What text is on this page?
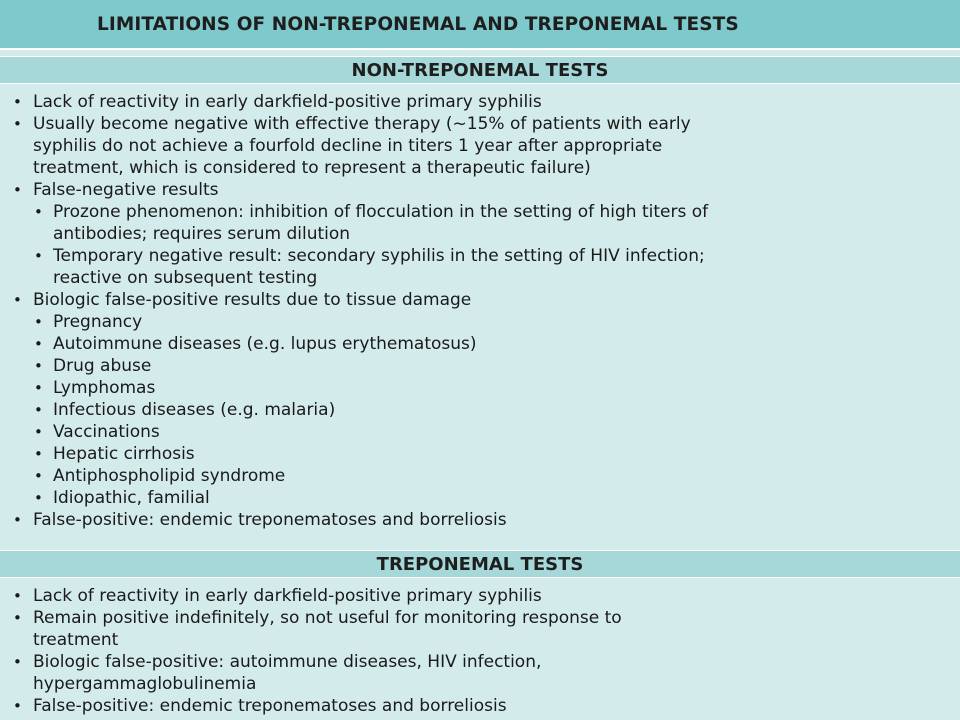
LIMITATIONS OF NON-TREPONEMAL AND TREPONEMAL TESTS
NON-TREPONEMAL TESTS
• Lack of reactivity in early darkfield-positive primary syphilis
• Usually become negative with effective therapy (~15% of patients with early
syphilis do not achieve a fourfold decline in titers 1 year after appropriate
treatment, which is considered to represent a therapeutic failure)
• False-negative results
• Prozone phenomenon: inhibition of flocculation in the setting of high titers of
antibodies; requires serum dilution
• Temporary negative result: secondary syphilis in the setting of HIV infection;
reactive on subsequent testing
• Biologic false-positive results due to tissue damage
• Pregnancy
• Autoimmune diseases (e.g. lupus erythematosus)
• Drug abuse
• Lymphomas
• Infectious diseases (e.g. malaria)
• Vaccinations
• Hepatic cirrhosis
• Antiphospholipid syndrome
• Idiopathic, familial
• False-positive: endemic treponematoses and borreliosis
TREPONEMAL TESTS
• Lack of reactivity in early darkfield-positive primary syphilis
• Remain positive indefinitely, so not useful for monitoring response to
treatment
• Biologic false-positive: autoimmune diseases, HIV infection,
hypergammaglobulinemia
• False-positive: endemic treponematoses and borreliosis
